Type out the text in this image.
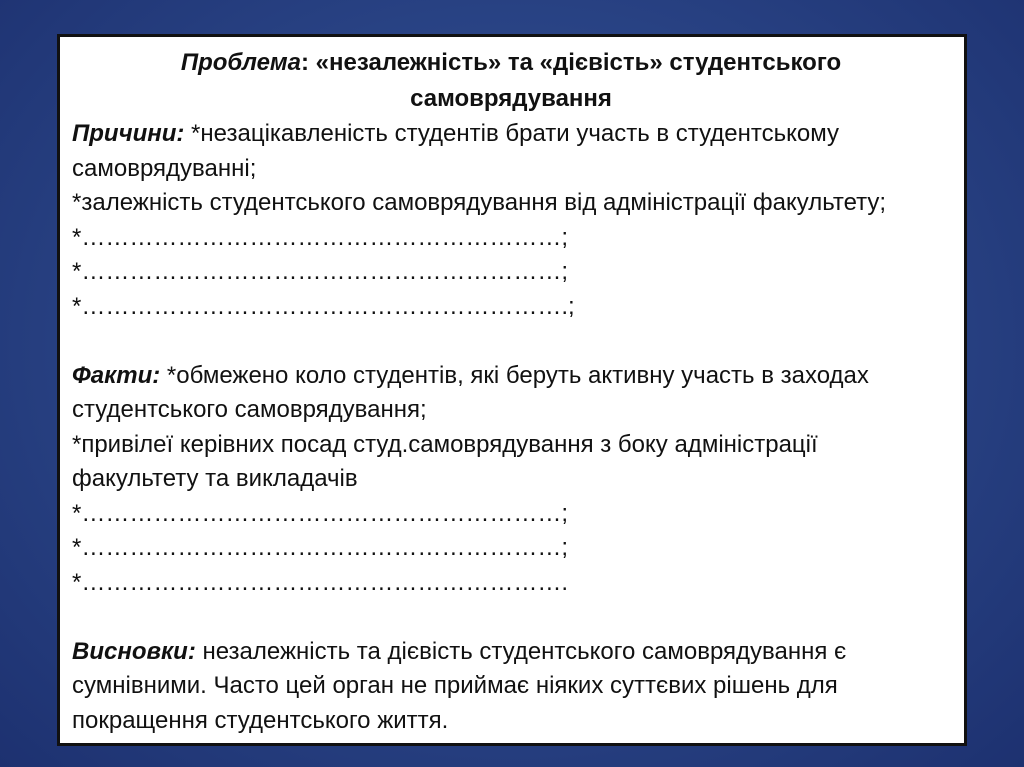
Проблема: «незалежність» та «дієвість» студентського
самоврядування
Причини: *незацікавленість студентів брати участь в студентському
самоврядуванні;
*залежність студентського самоврядування від адміністрації факультету;
*……………………………………………………;
*……………………………………………………;
*…………………………………………………….;
Факти: *обмежено коло студентів, які беруть активну участь в заходах
студентського самоврядування;
*привілеї керівних посад студ.самоврядування з боку адміністрації
факультету та викладачів
*……………………………………………………;
*……………………………………………………;
*…………………………………………………….
Висновки: незалежність та дієвість студентського самоврядування є
сумнівними. Часто цей орган не приймає ніяких суттєвих рішень для
покращення студентського життя.
